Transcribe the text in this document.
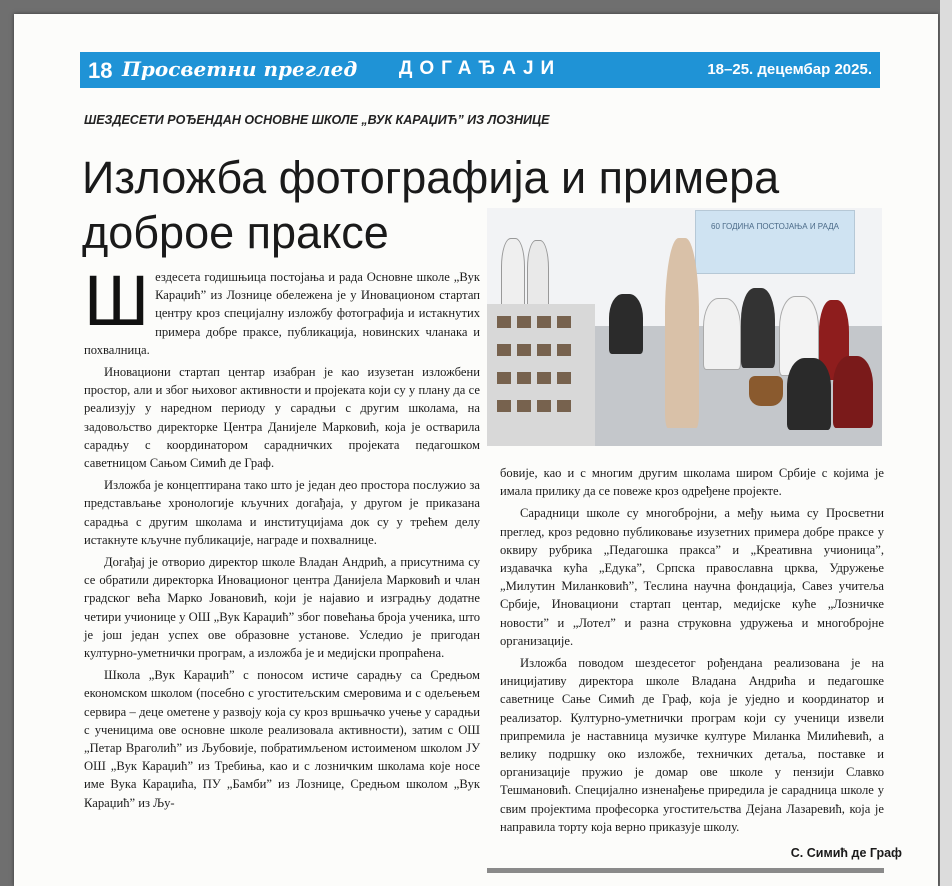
18 Просветни преглед	ДОГАЂАЈИ	18–25. децембар 2025.
ШЕЗДЕСЕТИ РОЂЕНДАН ОСНОВНЕ ШКОЛЕ „ВУК КАРАЏИЋ” ИЗ ЛОЗНИЦЕ
Изложба фотографија и примера доброе праксе	60 ГОДИНА ПОСТОЈАЊА И РАДА

Шездесета годишњица постојања и рада Основне школе „Вук Караџић” из Лознице обележена је у Иновационом стартап центру кроз специјалну изложбу фотографија и истакнутих примера добре праксе, публикација, новинских чланака и похвалница.

Иновациони стартап центар изабран је као изузетан изложбени простор, али и због њиховог активности и пројеката који су у плану да се реализују у наредном периоду у сарадњи с другим школама, на задовољство директорке Центра Данијеле Марковић, која је остварила сарадњу с координатором сарадничких пројеката педагошком саветницом Сањом Симић де Граф.

Изложба је концептирана тако што је један део простора послужио за представљање хронологије кључних догађаја, у другом је приказана сарадња с другим школама и институцијама док су у трећем делу истакнуте кључне публикације, награде и похвалнице.

Догађај је отворио директор школе Владан Андрић, а присутнима су се обратили директорка Иновационог центра Данијела Марковић и члан градског већа Марко Јовановић, који је најавио и изградњу додатне четири учионице у ОШ „Вук Караџић” због повећања броја ученика, што је још један успех ове образовне установе. Уследио је пригодан културно-уметнички програм, а изложба је и медијски пропраћена.

Школа „Вук Караџић” с поносом истиче сарадњу са Средњом економском школом (посебно с угоститељским смеровима и с одељењем сервира – деце ометене у развоју која су кроз вршњачко учење у сарадњи с ученицима ове основне школе реализовала активности), затим с ОШ „Петар Враголић” из Љубовије, побратимљеном истоименом школом ЈУ ОШ „Вук Караџић” из Требиња, као и с лозничким школама које носе име Вука Караџића, ПУ „Бамби” из Лознице, Средњом школом „Вук Караџић” из Љу-

бовије, као и с многим другим школама широм Србије с којима је имала прилику да се повеже кроз одређене пројекте.

Сарадници школе су многобројни, а међу њима су Просветни преглед, кроз редовно публиковање изузетних примера добре праксе у оквиру рубрика „Педагошка пракса” и „Креативна учионица”, издавачка кућа „Едука”, Српска православна црква, Удружење „Милутин Миланковић”, Теслина научна фондација, Савез учитеља Србије, Иновациони стартап центар, медијске куће „Лозничке новости” и „Лотел” и разна струковна удружења и многобројне организације.

Изложба поводом шездесетог рођендана реализована је на иницијативу директора школе Владана Андрића и педагошке саветнице Сање Симић де Граф, која је уједно и координатор и реализатор. Културно-уметнички програм који су ученици извели припремила је наставница музичке културе Миланка Милићевић, а велику подршку око изложбе, техничких детаља, поставке и организације пружио је домар ове школе у пензији Славко Тешмановић. Специјално изненађење приредила је сарадница школе у свим пројектима професорка угоститељства Дејана Лазаревић, која је направила торту која верно приказује школу.

С. Симић де Граф
